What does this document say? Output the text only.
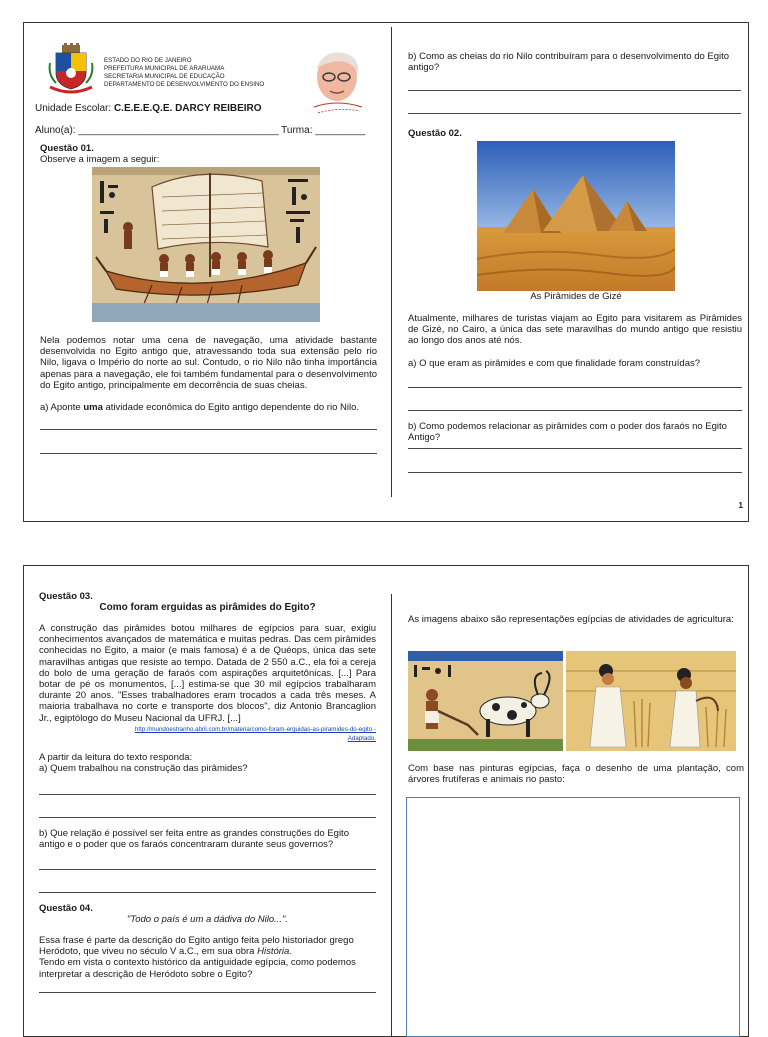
ESTADO DO RIO DE JANEIRO
PREFEITURA MUNICIPAL DE ARARUAMA
SECRETARIA MUNICIPAL DE EDUCAÇÃO
DEPARTAMENTO DE DESENVOLVIMENTO DO ENSINO
Unidade Escolar: C.E.E.E.Q.E. DARCY REIBEIRO
Aluno(a): ____________________________________ Turma: _________
Questão 01.
Observe a imagem a seguir:

Nela podemos notar uma cena de navegação, uma atividade bastante desenvolvida no Egito antigo que, atravessando toda sua extensão pelo rio Nilo, ligava o Império do norte ao sul. Contudo, o rio Nilo não tinha importância apenas para a navegação, ele foi também fundamental para o desenvolvimento do Egito antigo, principalmente em decorrência de suas cheias.

a) Aponte uma atividade econômica do Egito antigo dependente do rio Nilo.

b) Como as cheias do rio Nilo contribuíram para o desenvolvimento do Egito antigo?

Questão 02.
As Pirâmides de Gizé

Atualmente, milhares de turistas viajam ao Egito para visitarem as Pirâmides de Gizé, no Cairo, a única das sete maravilhas do mundo antigo que resistiu ao longo dos anos até nós.

a) O que eram as pirâmides e com que finalidade foram construídas?

b) Como podemos relacionar as pirâmides com o poder dos faraós no Egito Antigo?

1
Questão 03.
Como foram erguidas as pirâmides do Egito?

A construção das pirâmides botou milhares de egípcios para suar, exigiu conhecimentos avançados de matemática e muitas pedras. Das cem pirâmides conhecidas no Egito, a maior (e mais famosa) é a de Quéops, única das sete maravilhas antigas que resiste ao tempo. Datada de 2 550 a.C., ela foi a cereja do bolo de uma geração de faraós com aspirações arquitetônicas. [...] Para botar de pé os monumentos, [...] estima-se que 30 mil egípcios trabalharam durante 20 anos. "Esses trabalhadores eram trocados a cada três meses. A maioria trabalhava no corte e transporte dos blocos", diz Antonio Brancaglion Jr., egiptólogo do Museu Nacional da UFRJ. [...]

http://mundoestranho.abril.com.br/materia/como-foram-erguidas-as-piramides-do-egito -
Adaptado.

A partir da leitura do texto responda:

a) Quem trabalhou na construção das pirâmides?

b) Que relação é possível ser feita entre as grandes construções do Egito antigo e o poder que os faraós concentraram durante seus governos?

Questão 04.
"Todo o país é um a dádiva do Nilo...".

Essa frase é parte da descrição do Egito antigo feita pelo historiador grego Heródoto, que viveu no século V a.C., em sua obra História.

Tendo em vista o contexto histórico da antiguidade egípcia, como podemos interpretar a descrição de Heródoto sobre o Egito?

As imagens abaixo são representações egípcias de atividades de agricultura:

Com base nas pinturas egípcias, faça o desenho de uma plantação, com árvores frutíferas e animais no pasto:
